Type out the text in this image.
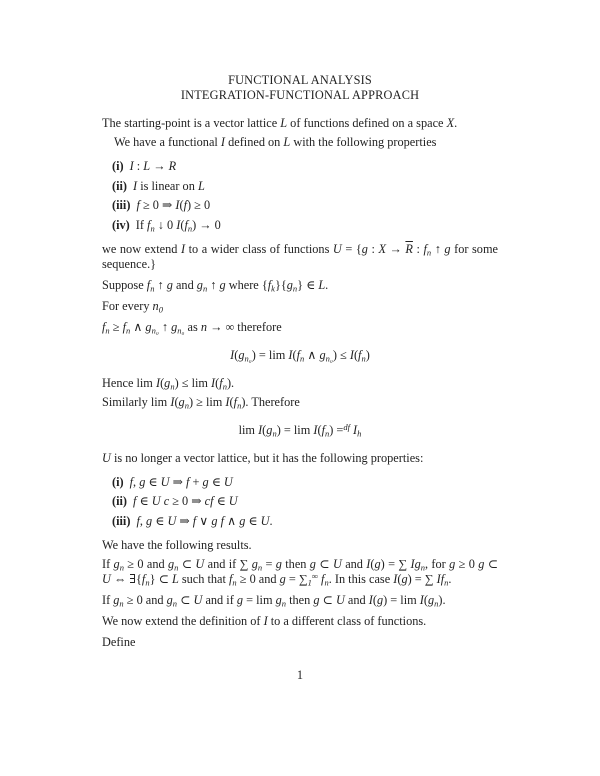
FUNCTIONAL ANALYSIS
INTEGRATION-FUNCTIONAL APPROACH

The starting-point is a vector lattice L of functions defined on a space X.

We have a functional I defined on L with the following properties

(i) I : L → R
(ii) I is linear on L
(iii) f ≥ 0 ⇒ I(f) ≥ 0
(iv) If $f_n$ ↓ 0 $I(f_n) \to 0$

we now extend I to a wider class of functions U = {g : $X \to \overline{R}$ : $f_n$ ↑ g for some sequence.}

Suppose $f_n$ ↑ g and $g_n$ ↑ g where $\{f_k\}\{g_n\}$ ∈ L.

For every $n_0$

$f_n \ge f_n$ ∧ $g_{n_0}$ ↑ $g_{n_0}$ as n → ∞ therefore

$I(g_{n_0}) = \lim I(f_n$ ∧ $g_{n_0}) \le I(f_n)$

Hence $\lim I(g_n) \le \lim I(f_n)$.

Similarly $\lim I(g_n) \ge \lim I(f_n)$. Therefore

$\lim I(g_n) = \lim I(f_n) =^{df}$ $I_h$

U is no longer a vector lattice, but it has the following properties:

(i) f, g ∈ U ⇒ f + g ∈ U
(ii) f ∈ U c ≥ 0 ⇒ cf ∈ U
(iii) f, g ∈ U ⇒ f ∨ g f ∧ g ∈ U.

We have the following results.

If $g_n \ge 0$ and $g_n$ ⊂ U and if ∑ $g_n = g$ then g ⊂ U and I(g) = ∑ $Ig_n$, for g ≥ 0 g ⊂ U ⇔ $\exists\{f_n\}$ ⊂ L such that $f_n \ge 0$ and $g = \sum_1^\infty$ $f_n$. In this case I(g) = ∑ $If_n$.

If $g_n \ge 0$ and $g_n$ ⊂ U and if $g = \lim g_n$ then g ⊂ U and $I(g) = \lim I(g_n)$.

We now extend the definition of I to a different class of functions.

Define

1
